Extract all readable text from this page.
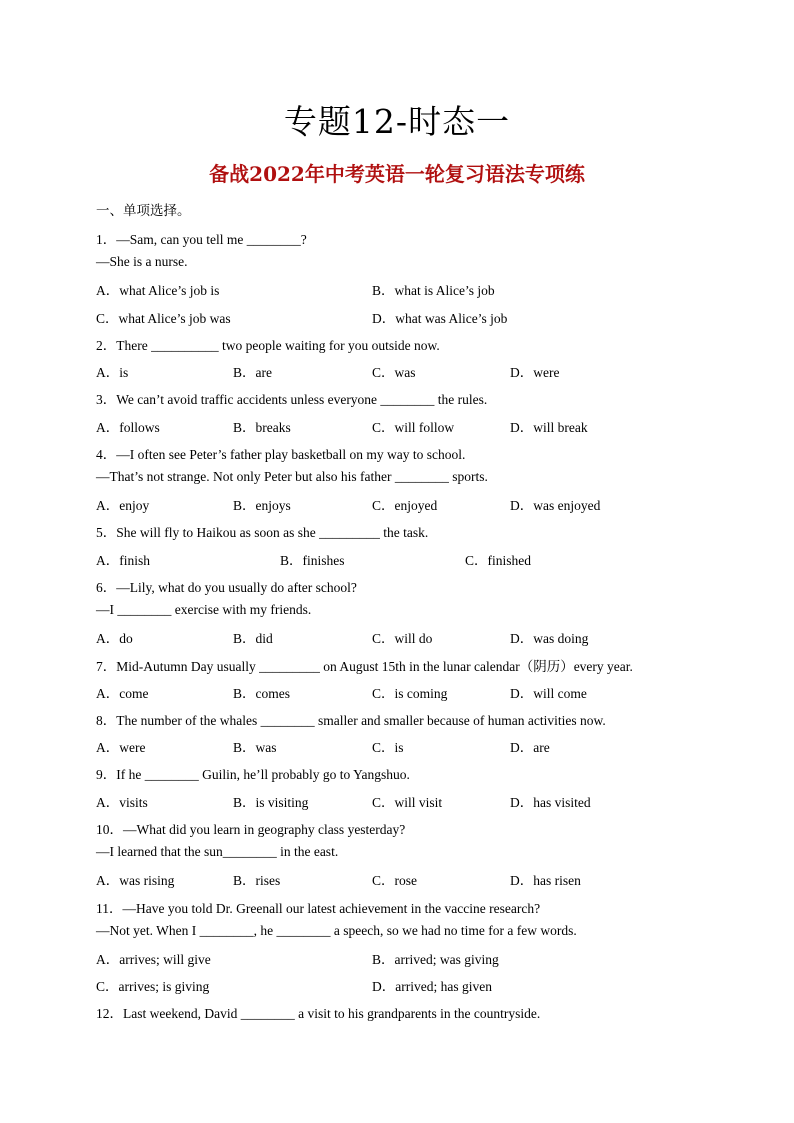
专题12-时态一
备战2022年中考英语一轮复习语法专项练
一、单项选择。
1．—Sam, can you tell me ________?
—She is a nurse.
A．what Alice’s job is	B．what is Alice’s job
C．what Alice’s job was	D．what was Alice’s job
2．There __________ two people waiting for you outside now.
A．is	B．are	C．was	D．were
3．We can’t avoid traffic accidents unless everyone ________ the rules.
A．follows	B．breaks	C．will follow	D．will break
4．—I often see Peter’s father play basketball on my way to school.
—That’s not strange. Not only Peter but also his father ________ sports.
A．enjoy	B．enjoys	C．enjoyed	D．was enjoyed
5．She will fly to Haikou as soon as she _________ the task.
A．finish	B．finishes	C．finished
6．—Lily, what do you usually do after school?
—I ________ exercise with my friends.
A．do	B．did	C．will do	D．was doing
7．Mid-Autumn Day usually _________ on August 15th in the lunar calendar（阴历）every year.
A．come	B．comes	C．is coming	D．will come
8．The number of the whales ________ smaller and smaller because of human activities now.
A．were	B．was	C．is	D．are
9．If he ________ Guilin, he’ll probably go to Yangshuo.
A．visits	B．is visiting	C．will visit	D．has visited
10．—What did you learn in geography class yesterday?
—I learned that the sun________ in the east.
A．was rising	B．rises	C．rose	D．has risen
11．—Have you told Dr. Greenall our latest achievement in the vaccine research?
—Not yet. When I ________, he ________ a speech, so we had no time for a few words.
A．arrives; will give	B．arrived; was giving
C．arrives; is giving	D．arrived; has given
12．Last weekend, David ________ a visit to his grandparents in the countryside.
